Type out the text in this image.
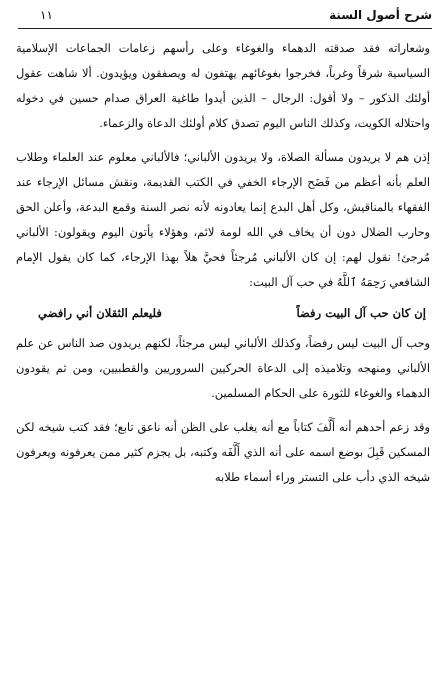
شرح أصول السنة
١١

وشعاراته فقد صدقته الدهماء والغوغاء وعلى رأسهم زعامات الجماعات الإسلامية السياسية شرقاً وغرباً، فخرجوا بغوغائهم يهتفون له ويصفقون ويؤيدون. ألا شاهت عقول أولئك الذكور – ولا أقول: الرجال – الذين أيدوا طاغية العراق صدام حسين في دخوله واحتلاله الكويت، وكذلك الناس اليوم تصدق كلام أولئك الدعاة والزعماء.

إذن هم لا يريدون مسألة الصلاة، ولا يريدون الألباني؛ فالألباني معلوم عند العلماء وطلاب العلم بأنه أعظم من فَضَح الإرجاء الخفي في الكتب القديمة، ونقش مسائل الإرجاء عند الفقهاء بالمناقيش، وكل أهل البدع إنما يعادونه لأنه نصر السنة وقمع البدعة، وأعلن الحق وحارب الضلال دون أن يخاف في الله لومة لائم، وهؤلاء يأتون اليوم ويقولون: الألباني مُرجئ! نقول لهم: إن كان الألباني مُرجئاً فحيَّ هلاً بهذا الإرجاء، كما كان يقول الإمام الشافعي رَحِمَهُ ٱللَّهُ في حب آل البيت:

إن كان حب آل البيت رفضاً
فليعلم الثقلان أني رافضي

وحب آل البيت ليس رفضاً، وكذلك الألباني ليس مرجئاً، لكنهم يريدون صد الناس عن علم الألباني ومنهجه وتلاميذه إلى الدعاة الحركيين السروريين والقطبيين، ومن ثم يقودون الدهماء والغوغاء للثورة على الحكام المسلمين.

وقد زعم أحدهم أنه أَلَّفَ كتاباً مع أنه يغلب على الظن أنه ناعق تابع؛ فقد كتب شيخه لكن المسكين قَبِلَ بوضع اسمه على أنه الذي أَلَّفَه وكتبه، بل يجزم كثير ممن يعرفونه ويعرفون شيخه الذي دأب على التستر وراء أسماء طلابه
